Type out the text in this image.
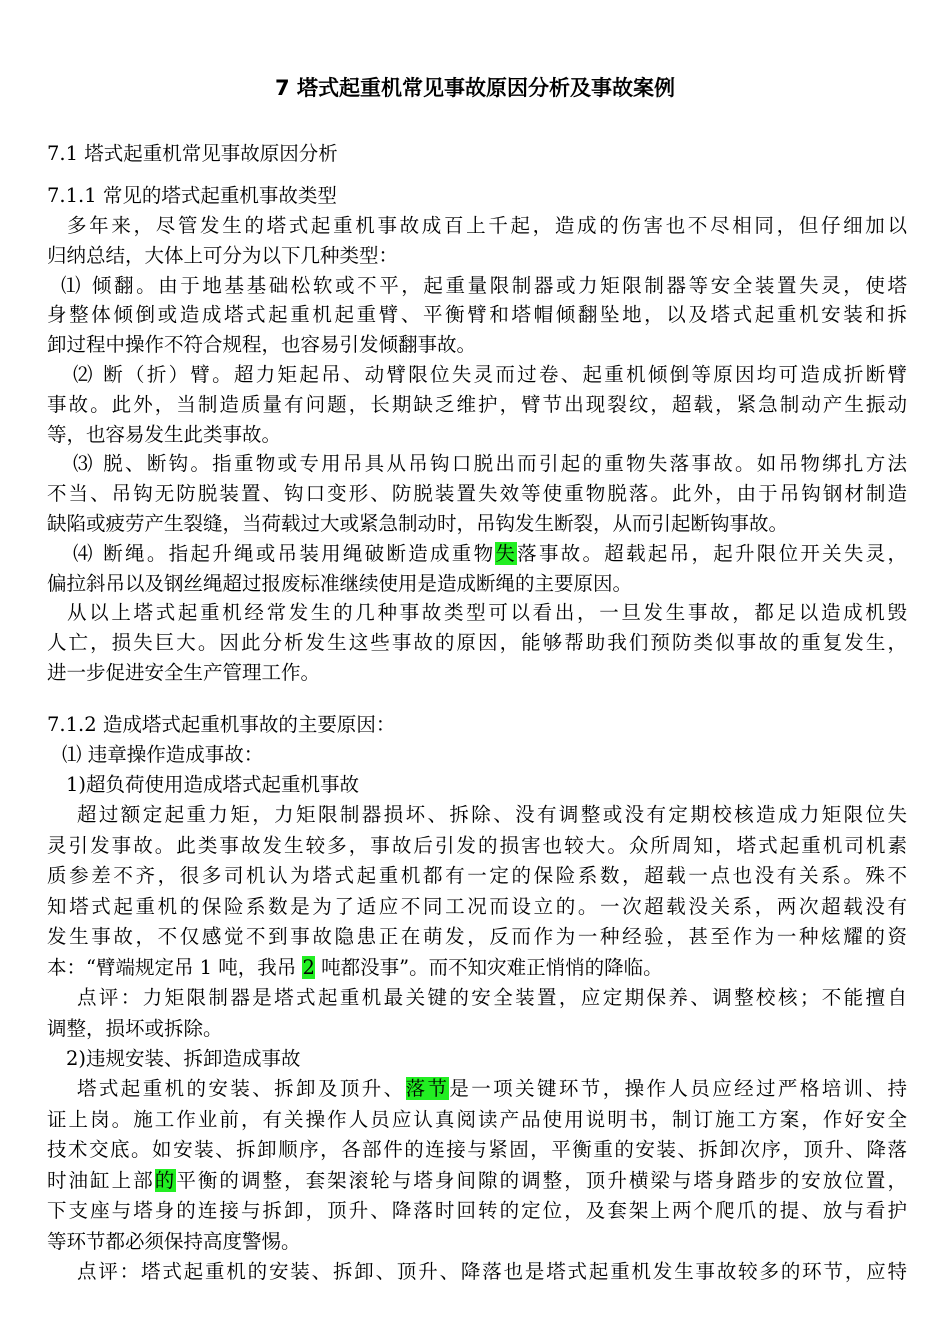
7 塔式起重机常见事故原因分析及事故案例
7.1 塔式起重机常见事故原因分析
7.1.1 常见的塔式起重机事故类型
多年来，尽管发生的塔式起重机事故成百上千起，造成的伤害也不尽相同，但仔细加以
归纳总结，大体上可分为以下几种类型：
⑴ 倾翻。由于地基基础松软或不平，起重量限制器或力矩限制器等安全装置失灵，使塔
身整体倾倒或造成塔式起重机起重臂、平衡臂和塔帽倾翻坠地，以及塔式起重机安装和拆
卸过程中操作不符合规程，也容易引发倾翻事故。
⑵ 断（折）臂。超力矩起吊、动臂限位失灵而过卷、起重机倾倒等原因均可造成折断臂
事故。此外，当制造质量有问题，长期缺乏维护，臂节出现裂纹，超载，紧急制动产生振动
等，也容易发生此类事故。
⑶ 脱、断钩。指重物或专用吊具从吊钩口脱出而引起的重物失落事故。如吊物绑扎方法
不当、吊钩无防脱装置、钩口变形、防脱装置失效等使重物脱落。此外，由于吊钩钢材制造
缺陷或疲劳产生裂缝，当荷载过大或紧急制动时，吊钩发生断裂，从而引起断钩事故。
⑷ 断绳。指起升绳或吊装用绳破断造成重物失落事故。超载起吊，起升限位开关失灵，
偏拉斜吊以及钢丝绳超过报废标准继续使用是造成断绳的主要原因。
从以上塔式起重机经常发生的几种事故类型可以看出，一旦发生事故，都足以造成机毁
人亡，损失巨大。因此分析发生这些事故的原因，能够帮助我们预防类似事故的重复发生，
进一步促进安全生产管理工作。
7.1.2 造成塔式起重机事故的主要原因：
⑴ 违章操作造成事故：
1)超负荷使用造成塔式起重机事故
超过额定起重力矩，力矩限制器损坏、拆除、没有调整或没有定期校核造成力矩限位失
灵引发事故。此类事故发生较多，事故后引发的损害也较大。众所周知，塔式起重机司机素
质参差不齐，很多司机认为塔式起重机都有一定的保险系数，超载一点也没有关系。殊不
知塔式起重机的保险系数是为了适应不同工况而设立的。一次超载没关系，两次超载没有
发生事故，不仅感觉不到事故隐患正在萌发，反而作为一种经验，甚至作为一种炫耀的资
本：“臂端规定吊 1 吨，我吊 2 吨都没事”。而不知灾难正悄悄的降临。
点评：力矩限制器是塔式起重机最关键的安全装置，应定期保养、调整校核；不能擅自
调整，损坏或拆除。
2)违规安装、拆卸造成事故
塔式起重机的安装、拆卸及顶升、落节是一项关键环节，操作人员应经过严格培训、持
证上岗。施工作业前，有关操作人员应认真阅读产品使用说明书，制订施工方案，作好安全
技术交底。如安装、拆卸顺序，各部件的连接与紧固，平衡重的安装、拆卸次序，顶升、降落
时油缸上部的平衡的调整，套架滚轮与塔身间隙的调整，顶升横梁与塔身踏步的安放位置，
下支座与塔身的连接与拆卸，顶升、降落时回转的定位，及套架上两个爬爪的提、放与看护
等环节都必须保持高度警惕。
点评：塔式起重机的安装、拆卸、顶升、降落也是塔式起重机发生事故较多的环节，应特
